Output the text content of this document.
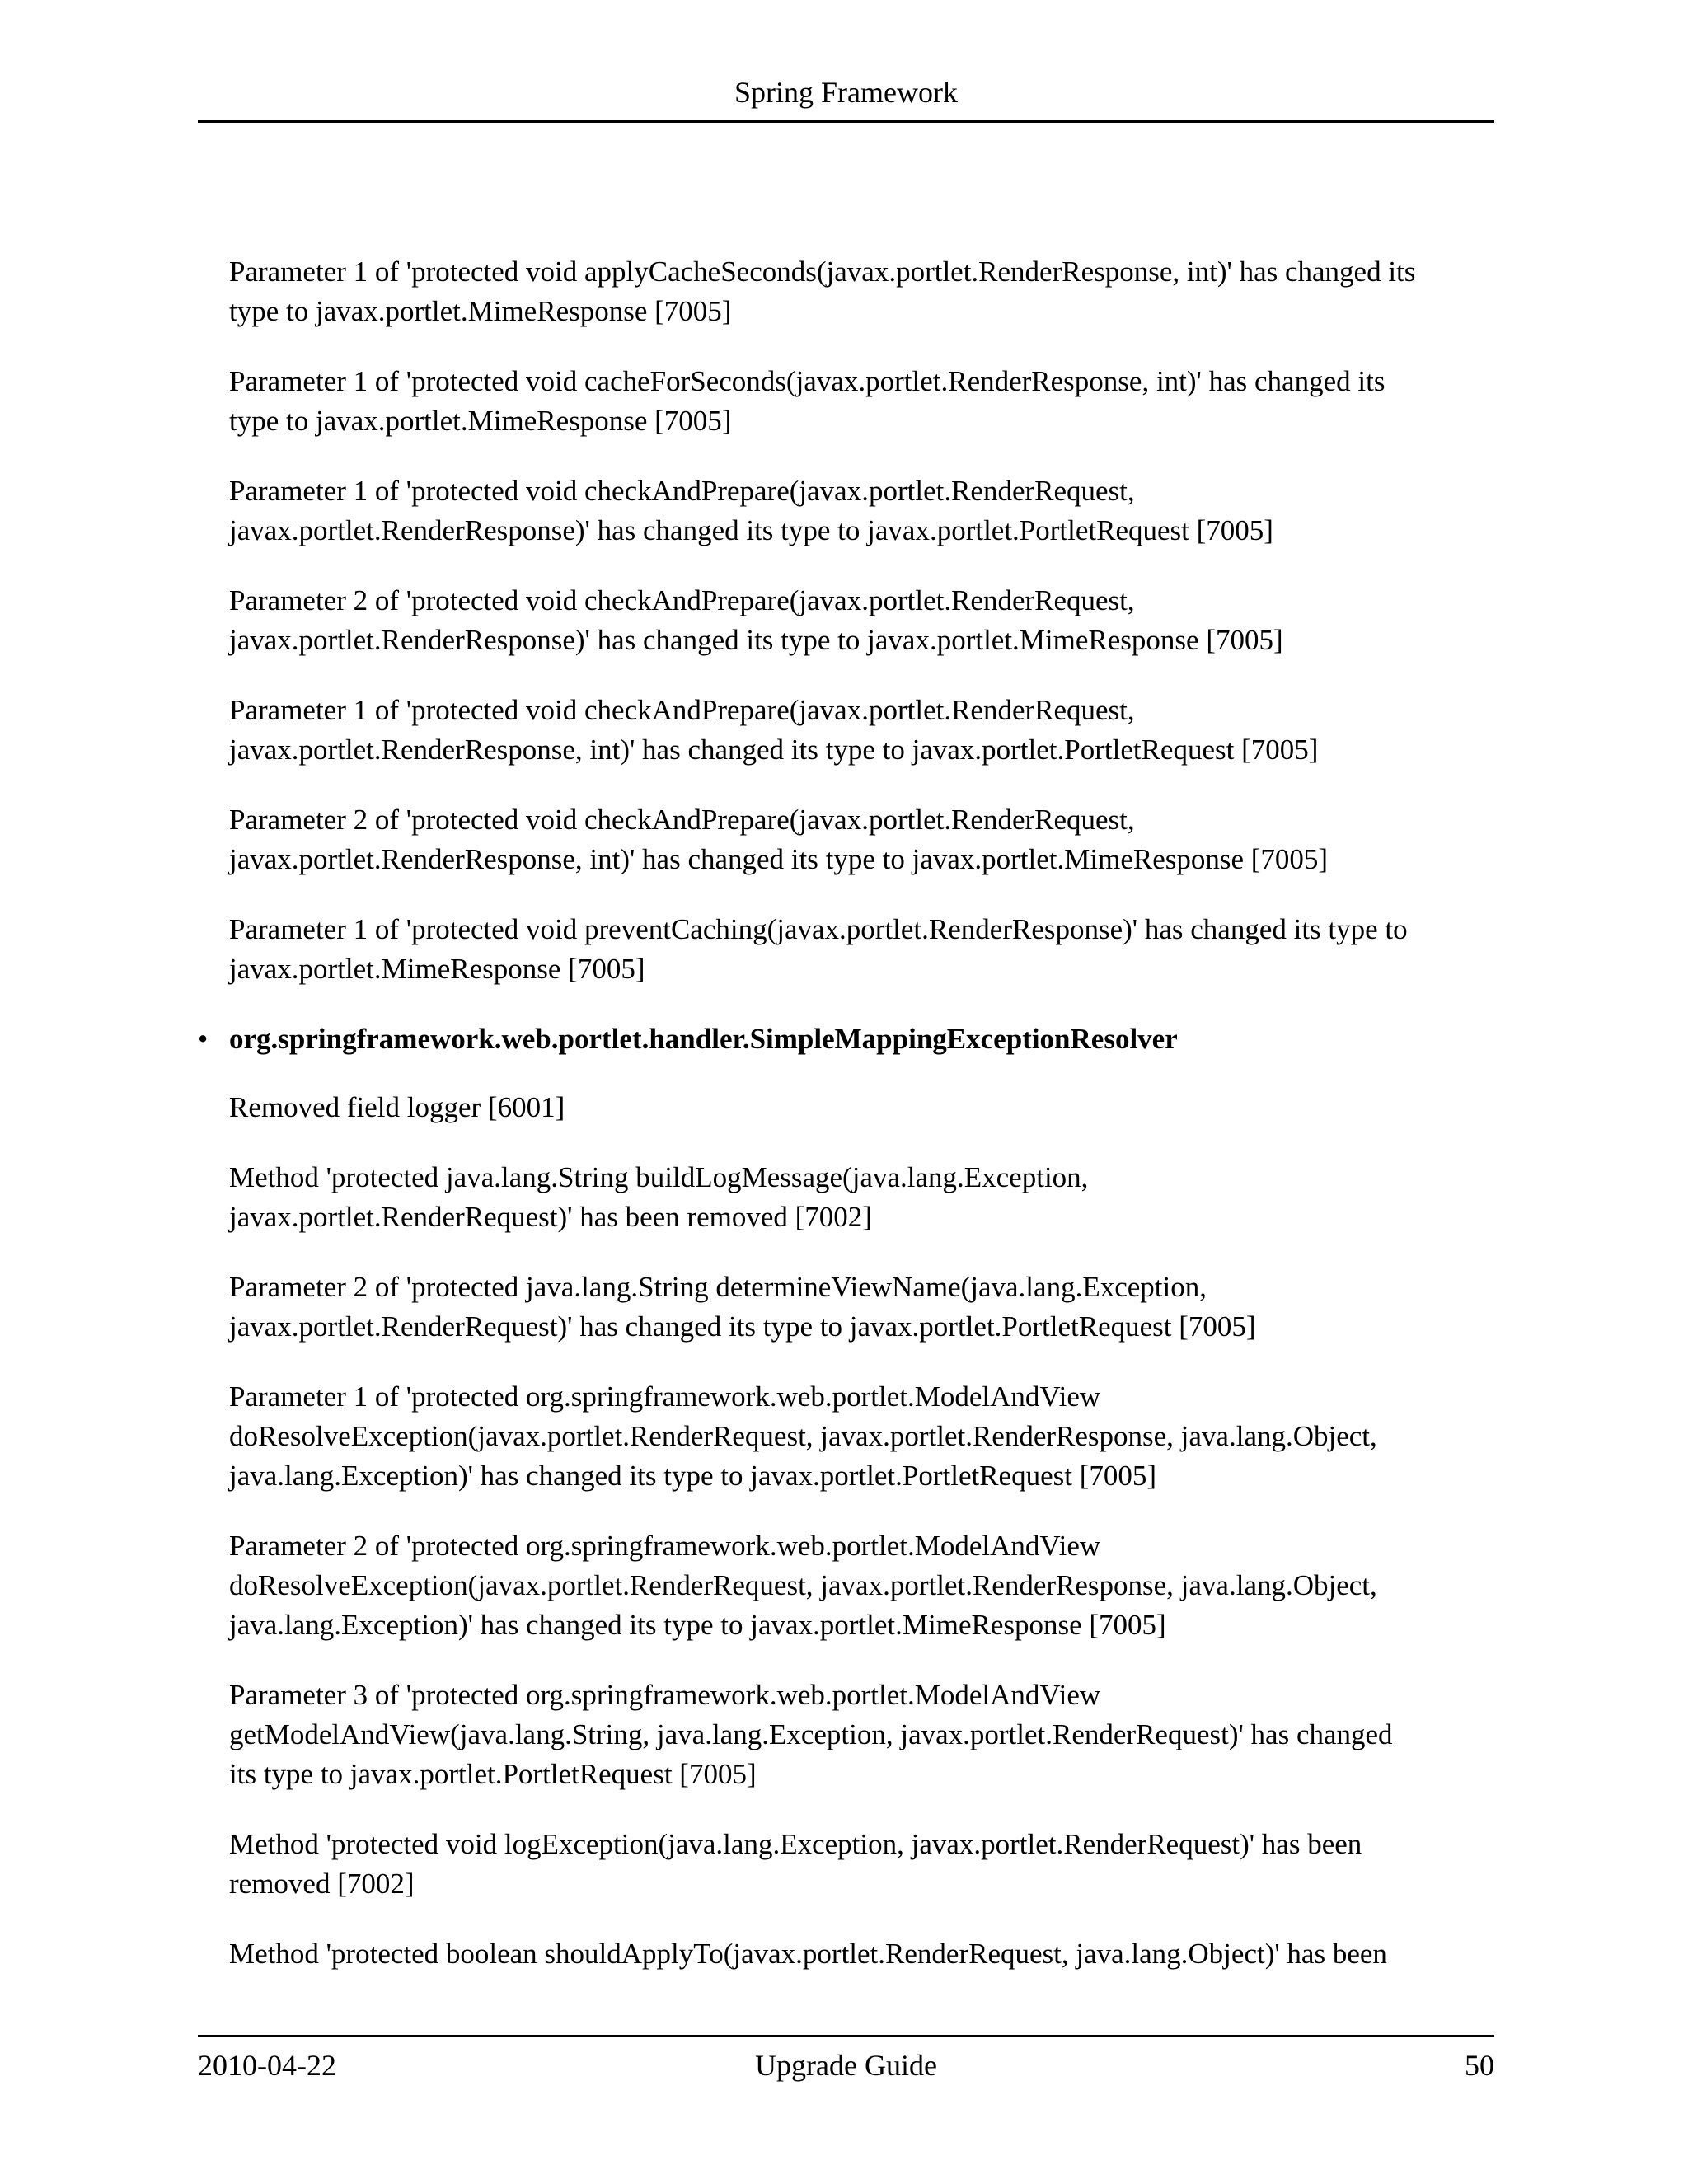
Spring Framework

Parameter 1 of 'protected void applyCacheSeconds(javax.portlet.RenderResponse, int)' has changed its
type to javax.portlet.MimeResponse [7005]

Parameter 1 of 'protected void cacheForSeconds(javax.portlet.RenderResponse, int)' has changed its
type to javax.portlet.MimeResponse [7005]

Parameter 1 of 'protected void checkAndPrepare(javax.portlet.RenderRequest,
javax.portlet.RenderResponse)' has changed its type to javax.portlet.PortletRequest [7005]

Parameter 2 of 'protected void checkAndPrepare(javax.portlet.RenderRequest,
javax.portlet.RenderResponse)' has changed its type to javax.portlet.MimeResponse [7005]

Parameter 1 of 'protected void checkAndPrepare(javax.portlet.RenderRequest,
javax.portlet.RenderResponse, int)' has changed its type to javax.portlet.PortletRequest [7005]

Parameter 2 of 'protected void checkAndPrepare(javax.portlet.RenderRequest,
javax.portlet.RenderResponse, int)' has changed its type to javax.portlet.MimeResponse [7005]

Parameter 1 of 'protected void preventCaching(javax.portlet.RenderResponse)' has changed its type to
javax.portlet.MimeResponse [7005]

• org.springframework.web.portlet.handler.SimpleMappingExceptionResolver

Removed field logger [6001]

Method 'protected java.lang.String buildLogMessage(java.lang.Exception,
javax.portlet.RenderRequest)' has been removed [7002]

Parameter 2 of 'protected java.lang.String determineViewName(java.lang.Exception,
javax.portlet.RenderRequest)' has changed its type to javax.portlet.PortletRequest [7005]

Parameter 1 of 'protected org.springframework.web.portlet.ModelAndView
doResolveException(javax.portlet.RenderRequest, javax.portlet.RenderResponse, java.lang.Object,
java.lang.Exception)' has changed its type to javax.portlet.PortletRequest [7005]

Parameter 2 of 'protected org.springframework.web.portlet.ModelAndView
doResolveException(javax.portlet.RenderRequest, javax.portlet.RenderResponse, java.lang.Object,
java.lang.Exception)' has changed its type to javax.portlet.MimeResponse [7005]

Parameter 3 of 'protected org.springframework.web.portlet.ModelAndView
getModelAndView(java.lang.String, java.lang.Exception, javax.portlet.RenderRequest)' has changed
its type to javax.portlet.PortletRequest [7005]

Method 'protected void logException(java.lang.Exception, javax.portlet.RenderRequest)' has been
removed [7002]

Method 'protected boolean shouldApplyTo(javax.portlet.RenderRequest, java.lang.Object)' has been

2010-04-22	Upgrade Guide	50
